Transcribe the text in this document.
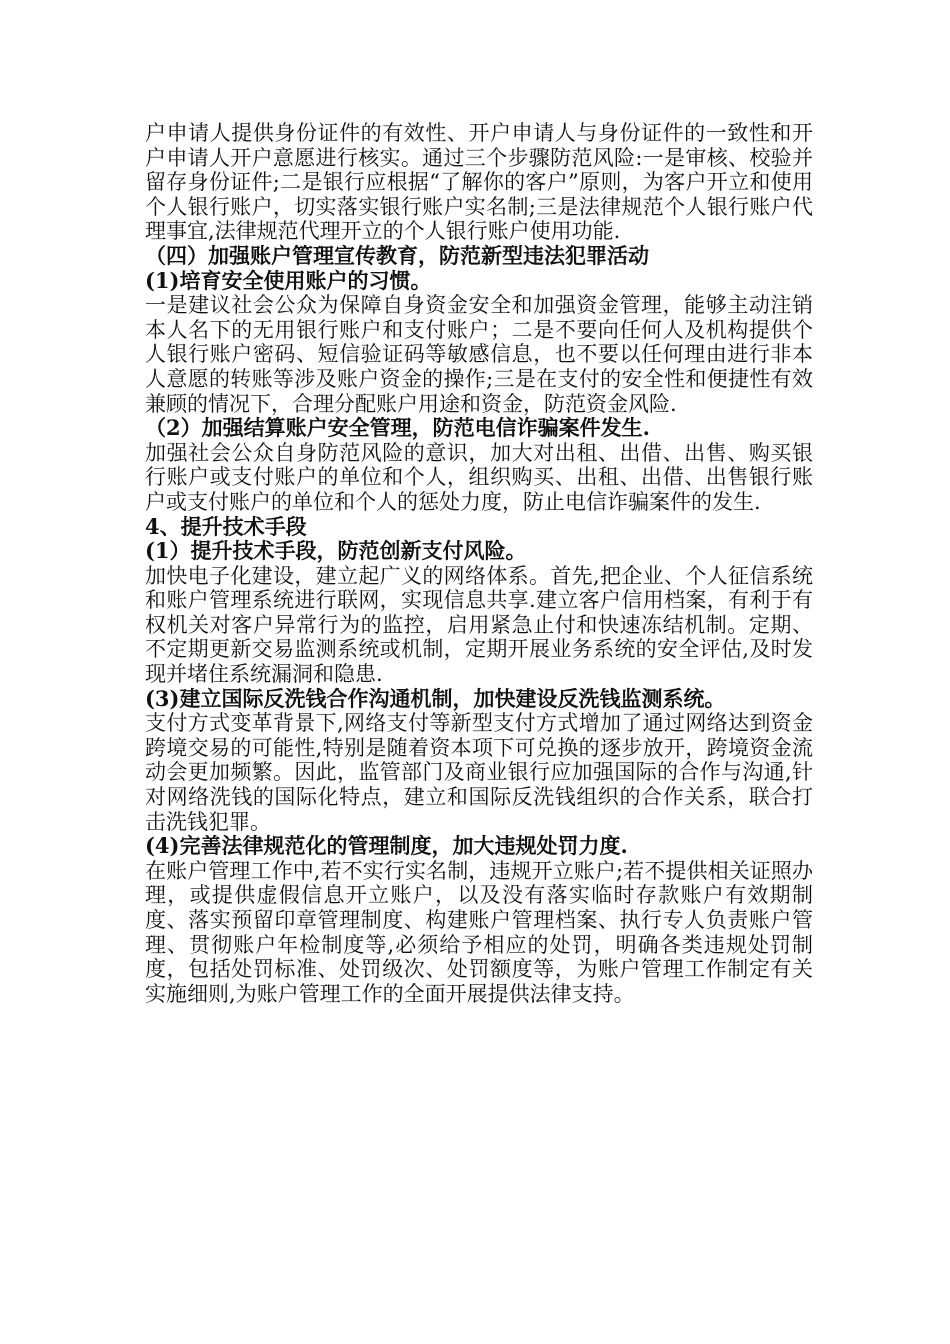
户申请人提供身份证件的有效性、开户申请人与身份证件的一致性和开户申请人开户意愿进行核实。通过三个步骤防范风险:一是审核、校验并留存身份证件;二是银行应根据“了解你的客户”原则，为客户开立和使用个人银行账户，切实落实银行账户实名制;三是法律规范个人银行账户代理事宜,法律规范代理开立的个人银行账户使用功能.

（四）加强账户管理宣传教育，防范新型违法犯罪活动

(1)培育安全使用账户的习惯。

一是建议社会公众为保障自身资金安全和加强资金管理，能够主动注销本人名下的无用银行账户和支付账户；二是不要向任何人及机构提供个人银行账户密码、短信验证码等敏感信息，也不要以任何理由进行非本人意愿的转账等涉及账户资金的操作;三是在支付的安全性和便捷性有效兼顾的情况下，合理分配账户用途和资金，防范资金风险.

（2）加强结算账户安全管理，防范电信诈骗案件发生.

加强社会公众自身防范风险的意识，加大对出租、出借、出售、购买银行账户或支付账户的单位和个人，组织购买、出租、出借、出售银行账户或支付账户的单位和个人的惩处力度，防止电信诈骗案件的发生.

4、提升技术手段

(1）提升技术手段，防范创新支付风险。

加快电子化建设，建立起广义的网络体系。首先,把企业、个人征信系统和账户管理系统进行联网，实现信息共享.建立客户信用档案，有利于有权机关对客户异常行为的监控，启用紧急止付和快速冻结机制。定期、不定期更新交易监测系统或机制，定期开展业务系统的安全评估,及时发现并堵住系统漏洞和隐患.

(3)建立国际反洗钱合作沟通机制，加快建设反洗钱监测系统。

支付方式变革背景下,网络支付等新型支付方式增加了通过网络达到资金跨境交易的可能性,特别是随着资本项下可兑换的逐步放开，跨境资金流动会更加频繁。因此，监管部门及商业银行应加强国际的合作与沟通,针对网络洗钱的国际化特点，建立和国际反洗钱组织的合作关系，联合打击洗钱犯罪。

(4)完善法律规范化的管理制度，加大违规处罚力度.

在账户管理工作中,若不实行实名制，违规开立账户;若不提供相关证照办理，或提供虚假信息开立账户，以及没有落实临时存款账户有效期制度、落实预留印章管理制度、构建账户管理档案、执行专人负责账户管理、贯彻账户年检制度等,必须给予相应的处罚，明确各类违规处罚制度，包括处罚标准、处罚级次、处罚额度等，为账户管理工作制定有关实施细则,为账户管理工作的全面开展提供法律支持。
